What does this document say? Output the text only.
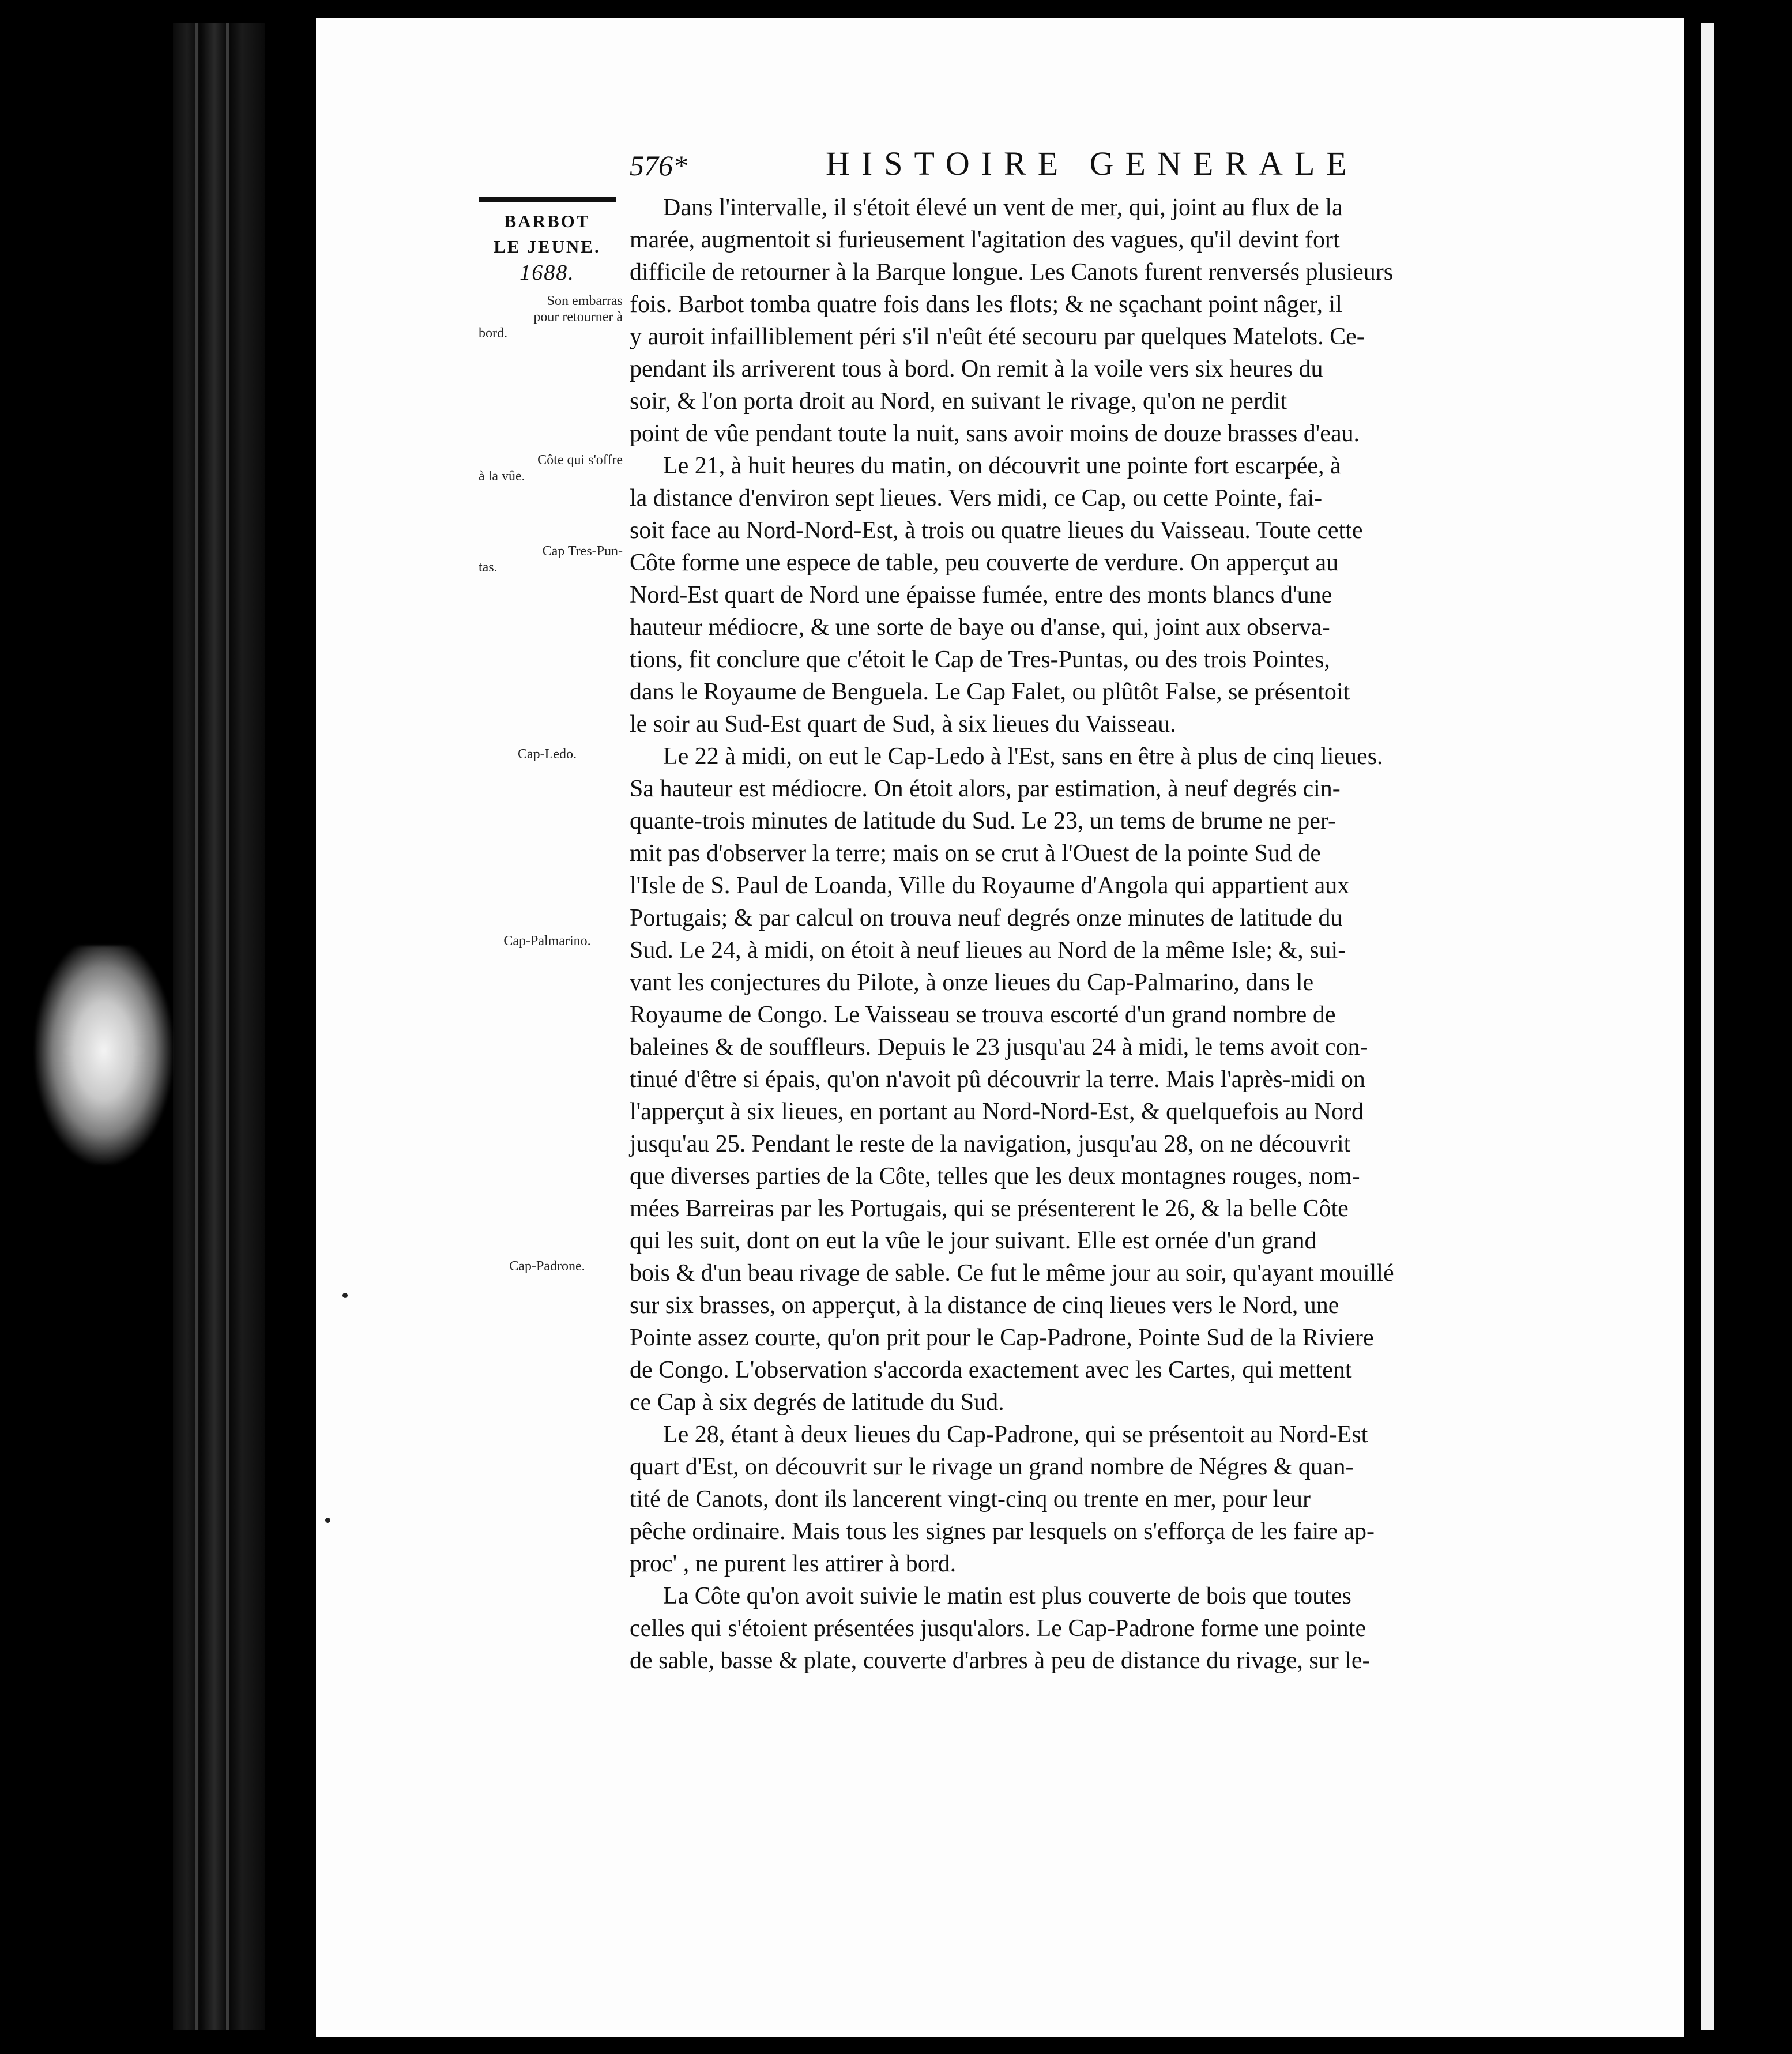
576*	HISTOIRE GENERALE
BARBOT
LE JEUNE.
1688.
Son embarras
pour retourner à
bord.
Côte qui s'offre
à la vûe.
Cap Tres-Pun-
tas.
Cap-Ledo.
Cap-Palmarino.
Cap-Padrone.
Dans l'intervalle, il s'étoit élevé un vent de mer, qui, joint au flux de la
marée, augmentoit si furieusement l'agitation des vagues, qu'il devint fort
difficile de retourner à la Barque longue. Les Canots furent renversés plusieurs
fois. Barbot tomba quatre fois dans les flots; & ne sçachant point nâger, il
y auroit infailliblement péri s'il n'eût été secouru par quelques Matelots. Ce-
pendant ils arriverent tous à bord. On remit à la voile vers six heures du
soir, & l'on porta droit au Nord, en suivant le rivage, qu'on ne perdit
point de vûe pendant toute la nuit, sans avoir moins de douze brasses d'eau.
Le 21, à huit heures du matin, on découvrit une pointe fort escarpée, à
la distance d'environ sept lieues. Vers midi, ce Cap, ou cette Pointe, fai-
soit face au Nord-Nord-Est, à trois ou quatre lieues du Vaisseau. Toute cette
Côte forme une espece de table, peu couverte de verdure. On apperçut au
Nord-Est quart de Nord une épaisse fumée, entre des monts blancs d'une
hauteur médiocre, & une sorte de baye ou d'anse, qui, joint aux observa-
tions, fit conclure que c'étoit le Cap de Tres-Puntas, ou des trois Pointes,
dans le Royaume de Benguela. Le Cap Falet, ou plûtôt False, se présentoit
le soir au Sud-Est quart de Sud, à six lieues du Vaisseau.
Le 22 à midi, on eut le Cap-Ledo à l'Est, sans en être à plus de cinq lieues.
Sa hauteur est médiocre. On étoit alors, par estimation, à neuf degrés cin-
quante-trois minutes de latitude du Sud. Le 23, un tems de brume ne per-
mit pas d'observer la terre; mais on se crut à l'Ouest de la pointe Sud de
l'Isle de S. Paul de Loanda, Ville du Royaume d'Angola qui appartient aux
Portugais; & par calcul on trouva neuf degrés onze minutes de latitude du
Sud. Le 24, à midi, on étoit à neuf lieues au Nord de la même Isle; &, sui-
vant les conjectures du Pilote, à onze lieues du Cap-Palmarino, dans le
Royaume de Congo. Le Vaisseau se trouva escorté d'un grand nombre de
baleines & de souffleurs. Depuis le 23 jusqu'au 24 à midi, le tems avoit con-
tinué d'être si épais, qu'on n'avoit pû découvrir la terre. Mais l'après-midi on
l'apperçut à six lieues, en portant au Nord-Nord-Est, & quelquefois au Nord
jusqu'au 25. Pendant le reste de la navigation, jusqu'au 28, on ne découvrit
que diverses parties de la Côte, telles que les deux montagnes rouges, nom-
mées Barreiras par les Portugais, qui se présenterent le 26, & la belle Côte
qui les suit, dont on eut la vûe le jour suivant. Elle est ornée d'un grand
bois & d'un beau rivage de sable. Ce fut le même jour au soir, qu'ayant mouillé
sur six brasses, on apperçut, à la distance de cinq lieues vers le Nord, une
Pointe assez courte, qu'on prit pour le Cap-Padrone, Pointe Sud de la Riviere
de Congo. L'observation s'accorda exactement avec les Cartes, qui mettent
ce Cap à six degrés de latitude du Sud.
Le 28, étant à deux lieues du Cap-Padrone, qui se présentoit au Nord-Est
quart d'Est, on découvrit sur le rivage un grand nombre de Négres & quan-
tité de Canots, dont ils lancerent vingt-cinq ou trente en mer, pour leur
pêche ordinaire. Mais tous les signes par lesquels on s'efforça de les faire ap-
proc' , ne purent les attirer à bord.
La Côte qu'on avoit suivie le matin est plus couverte de bois que toutes
celles qui s'étoient présentées jusqu'alors. Le Cap-Padrone forme une pointe
de sable, basse & plate, couverte d'arbres à peu de distance du rivage, sur le-
